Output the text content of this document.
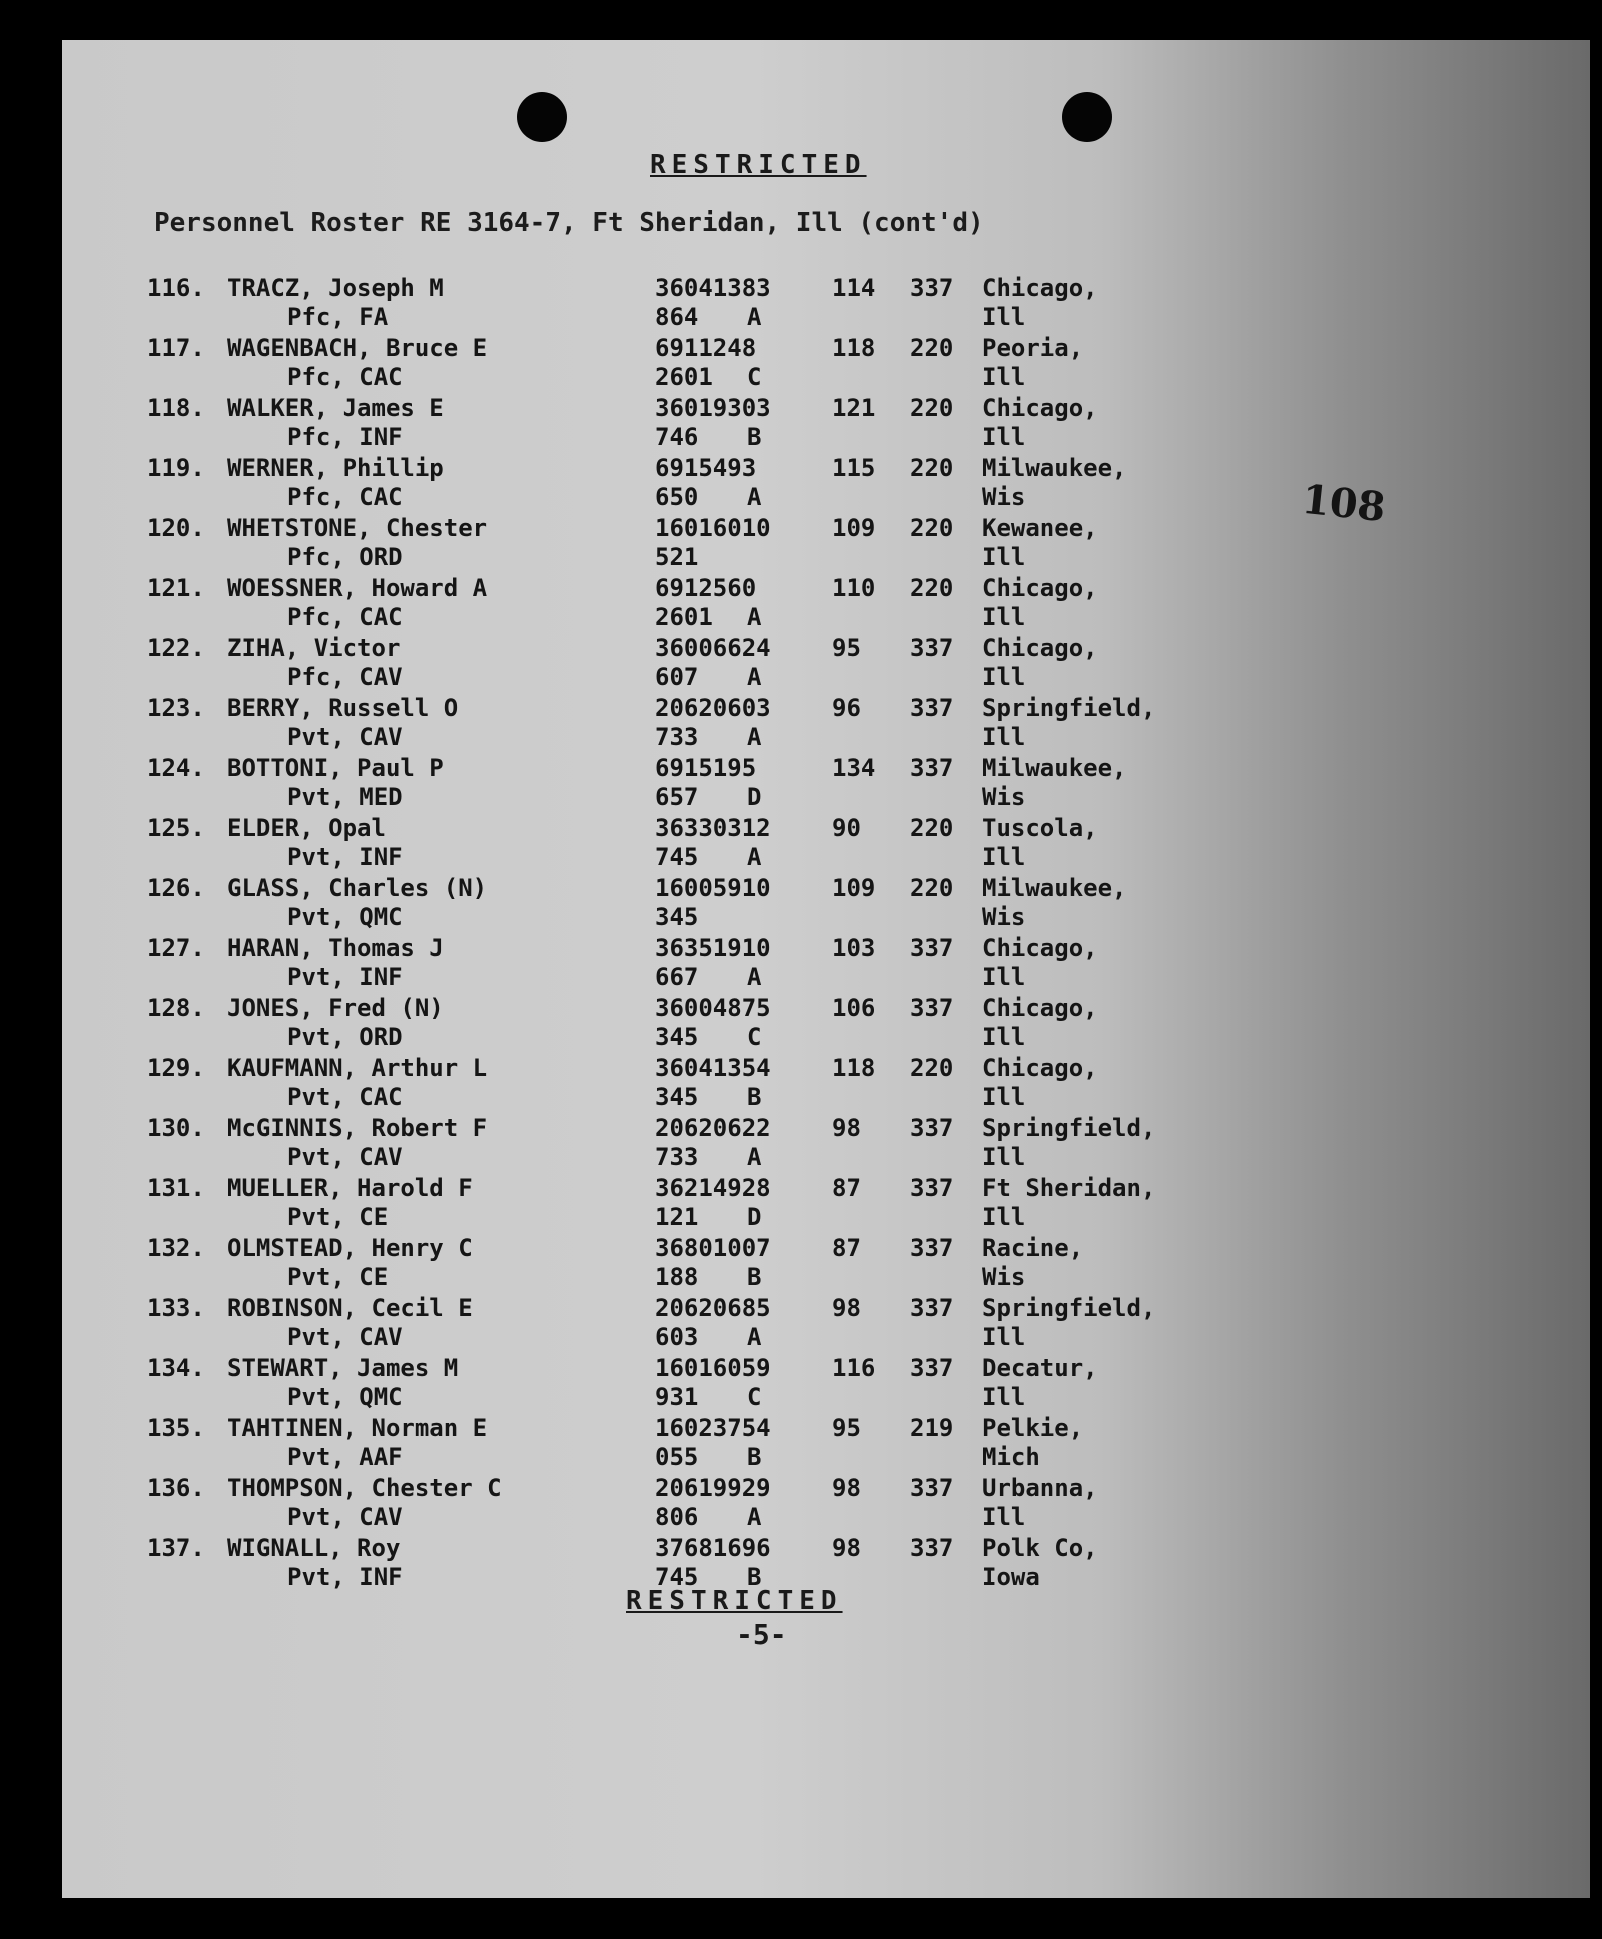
RESTRICTED
Personnel Roster RE 3164-7, Ft Sheridan, Ill (cont'd)
108
116. TRACZ, Joseph M	36041383	114 337 Chicago,
Pfc, FA	864 A	Ill
117. WAGENBACH, Bruce E	6911248	118 220 Peoria,
Pfc, CAC	2601 C	Ill
118. WALKER, James E	36019303	121 220 Chicago,
Pfc, INF	746 B	Ill
119. WERNER, Phillip	6915493	115 220 Milwaukee,
Pfc, CAC	650 A	Wis
120. WHETSTONE, Chester	16016010	109 220 Kewanee,
Pfc, ORD	521	Ill
121. WOESSNER, Howard A	6912560	110 220 Chicago,
Pfc, CAC	2601 A	Ill
122. ZIHA, Victor	36006624	95 337 Chicago,
Pfc, CAV	607 A	Ill
123. BERRY, Russell O	20620603	96 337 Springfield,
Pvt, CAV	733 A	Ill
124. BOTTONI, Paul P	6915195	134 337 Milwaukee,
Pvt, MED	657 D	Wis
125. ELDER, Opal	36330312	90 220 Tuscola,
Pvt, INF	745 A	Ill
126. GLASS, Charles (N)	16005910	109 220 Milwaukee,
Pvt, QMC	345	Wis
127. HARAN, Thomas J	36351910	103 337 Chicago,
Pvt, INF	667 A	Ill
128. JONES, Fred (N)	36004875	106 337 Chicago,
Pvt, ORD	345 C	Ill
129. KAUFMANN, Arthur L	36041354	118 220 Chicago,
Pvt, CAC	345 B	Ill
130. McGINNIS, Robert F	20620622	98 337 Springfield,
Pvt, CAV	733 A	Ill
131. MUELLER, Harold F	36214928	87 337 Ft Sheridan,
Pvt, CE	121 D	Ill
132. OLMSTEAD, Henry C	36801007	87 337 Racine,
Pvt, CE	188 B	Wis
133. ROBINSON, Cecil E	20620685	98 337 Springfield,
Pvt, CAV	603 A	Ill
134. STEWART, James M	16016059	116 337 Decatur,
Pvt, QMC	931 C	Ill
135. TAHTINEN, Norman E	16023754	95 219 Pelkie,
Pvt, AAF	055 B	Mich
136. THOMPSON, Chester C	20619929	98 337 Urbanna,
Pvt, CAV	806 A	Ill
137. WIGNALL, Roy	37681696	98 337 Polk Co,
Pvt, INF	745 B	Iowa
RESTRICTED
-5-
